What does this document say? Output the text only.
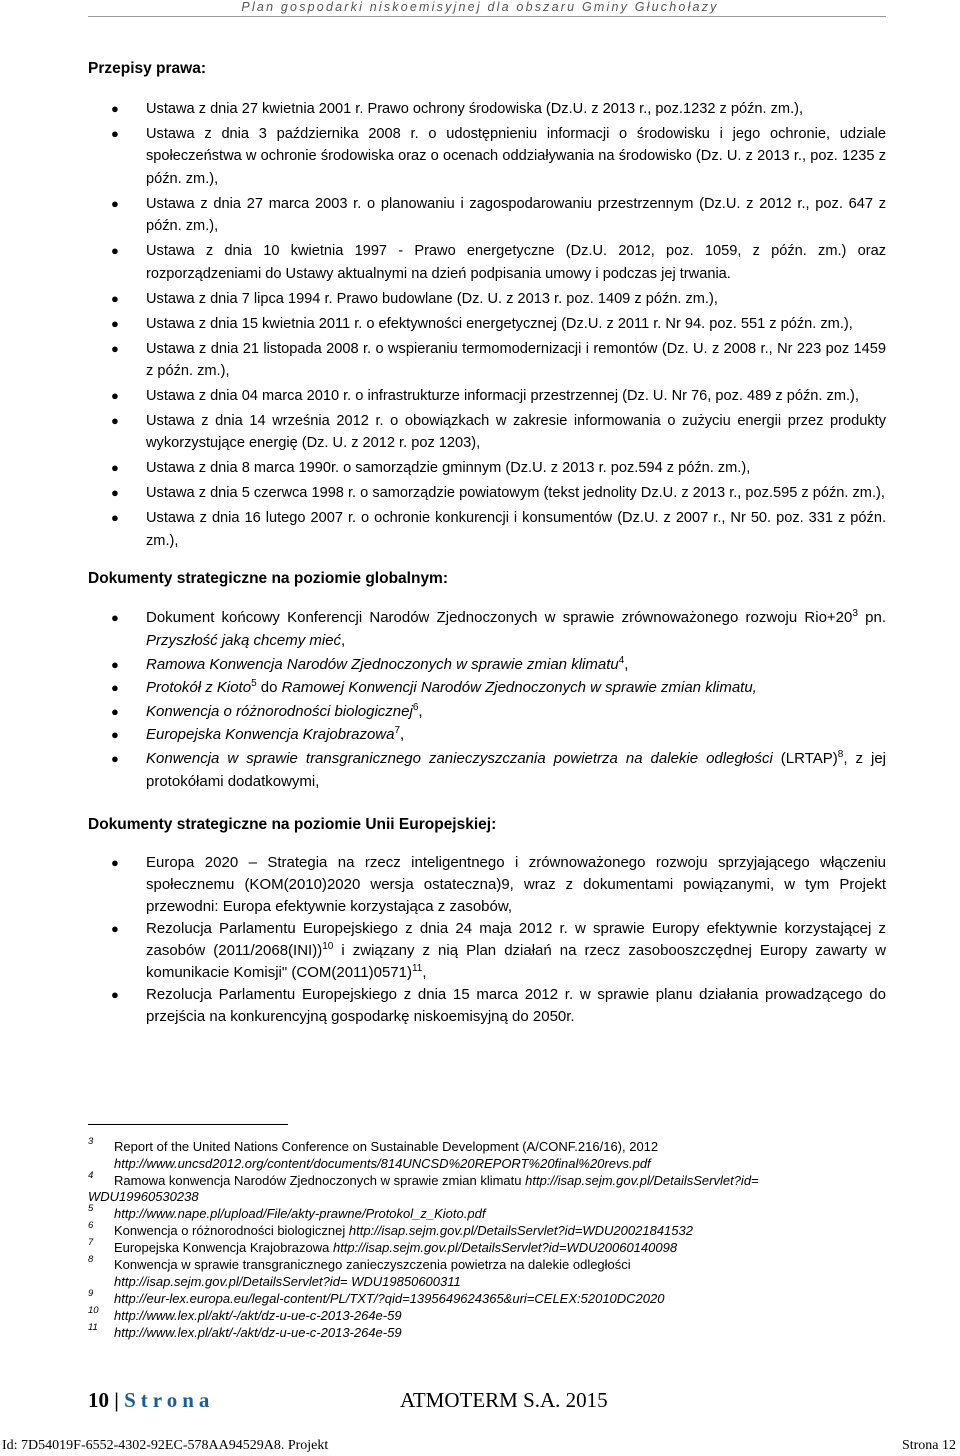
Plan gospodarki niskoemisyjnej dla obszaru Gminy Głuchołazy
Przepisy prawa:
● Ustawa z dnia 27 kwietnia 2001 r. Prawo ochrony środowiska (Dz.U. z 2013 r., poz.1232 z późn. zm.),
● Ustawa z dnia 3 października 2008 r. o udostępnieniu informacji o środowisku i jego ochronie, udziale społeczeństwa w ochronie środowiska oraz o ocenach oddziaływania na środowisko (Dz. U. z 2013 r., poz. 1235 z późn. zm.),
● Ustawa z dnia 27 marca 2003 r. o planowaniu i zagospodarowaniu przestrzennym (Dz.U. z 2012 r., poz. 647 z późn. zm.),
● Ustawa z dnia 10 kwietnia 1997 - Prawo energetyczne (Dz.U. 2012, poz. 1059, z późn. zm.) oraz rozporządzeniami do Ustawy aktualnymi na dzień podpisania umowy i podczas jej trwania.
● Ustawa z dnia 7 lipca 1994 r. Prawo budowlane (Dz. U. z 2013 r. poz. 1409 z późn. zm.),
● Ustawa z dnia 15 kwietnia 2011 r. o efektywności energetycznej (Dz.U. z 2011 r. Nr 94. poz. 551 z późn. zm.),
● Ustawa z dnia 21 listopada 2008 r. o wspieraniu termomodernizacji i remontów (Dz. U. z 2008 r., Nr 223 poz 1459 z późn. zm.),
● Ustawa z dnia 04 marca 2010 r. o infrastrukturze informacji przestrzennej (Dz. U. Nr 76, poz. 489 z późn. zm.),
● Ustawa z dnia 14 września 2012 r. o obowiązkach w zakresie informowania o zużyciu energii przez produkty wykorzystujące energię (Dz. U. z 2012 r. poz 1203),
● Ustawa z dnia 8 marca 1990r. o samorządzie gminnym (Dz.U. z 2013 r. poz.594 z późn. zm.),
● Ustawa z dnia 5 czerwca 1998 r. o samorządzie powiatowym (tekst jednolity Dz.U. z 2013 r., poz.595 z późn. zm.),
● Ustawa z dnia 16 lutego 2007 r. o ochronie konkurencji i konsumentów (Dz.U. z 2007 r., Nr 50. poz. 331 z późn. zm.),
Dokumenty strategiczne na poziomie globalnym:
● Dokument końcowy Konferencji Narodów Zjednoczonych w sprawie zrównoważonego rozwoju $Rio+20^3$ pn. Przyszłość jaką chcemy mieć,
● Ramowa Konwencja Narodów Zjednoczonych w sprawie zmian klimatu$^4$,
● Protokół z Kioto$^5$ do Ramowej Konwencji Narodów Zjednoczonych w sprawie zmian klimatu,
● Konwencja o różnorodności biologicznej$^6$,
● Europejska Konwencja Krajobrazowa$^7$,
● Konwencja w sprawie transgranicznego zanieczyszczania powietrza na dalekie odległości (LRTAP)$^8$, z jej protokółami dodatkowymi,
Dokumenty strategiczne na poziomie Unii Europejskiej:
● Europa 2020 – Strategia na rzecz inteligentnego i zrównoważonego rozwoju sprzyjającego włączeniu społecznemu (KOM(2010)2020 wersja ostateczna)9, wraz z dokumentami powiązanymi, w tym Projekt przewodni: Europa efektywnie korzystająca z zasobów,
● Rezolucja Parlamentu Europejskiego z dnia 24 maja 2012 r. w sprawie Europy efektywnie korzystającej z zasobów $(2011/2068(INI))^{10}$ i związany z nią Plan działań na rzecz zasobooszczędnej Europy zawarty w komunikacie Komisji" $(COM(2011)0571)^{11}$,
● Rezolucja Parlamentu Europejskiego z dnia 15 marca 2012 r. w sprawie planu działania prowadzącego do przejścia na konkurencyjną gospodarkę niskoemisyjną do 2050r.
3 Report of the United Nations Conference on Sustainable Development (A/CONF.216/16), 2012
http://www.uncsd2012.org/content/documents/814UNCSD%20REPORT%20final%20revs.pdf
4 Ramowa konwencja Narodów Zjednoczonych w sprawie zmian klimatu http://isap.sejm.gov.pl/DetailsServlet?id=
WDU19960530238
5 http://www.nape.pl/upload/File/akty-prawne/Protokol_z_Kioto.pdf
6 Konwencja o różnorodności biologicznej http://isap.sejm.gov.pl/DetailsServlet?id=WDU20021841532
7 Europejska Konwencja Krajobrazowa http://isap.sejm.gov.pl/DetailsServlet?id=WDU20060140098
8 Konwencja w sprawie transgranicznego zanieczyszczenia powietrza na dalekie odległości
http://isap.sejm.gov.pl/DetailsServlet?id= WDU19850600311
9 http://eur-lex.europa.eu/legal-content/PL/TXT/?qid=1395649624365&uri=CELEX:52010DC2020
10 http://www.lex.pl/akt/-/akt/dz-u-ue-c-2013-264e-59
11 http://www.lex.pl/akt/-/akt/dz-u-ue-c-2013-264e-59
10 | Strona	ATMOTERM S.A. 2015
Id: 7D54019F-6552-4302-92EC-578AA94529A8. Projekt	Strona 12
